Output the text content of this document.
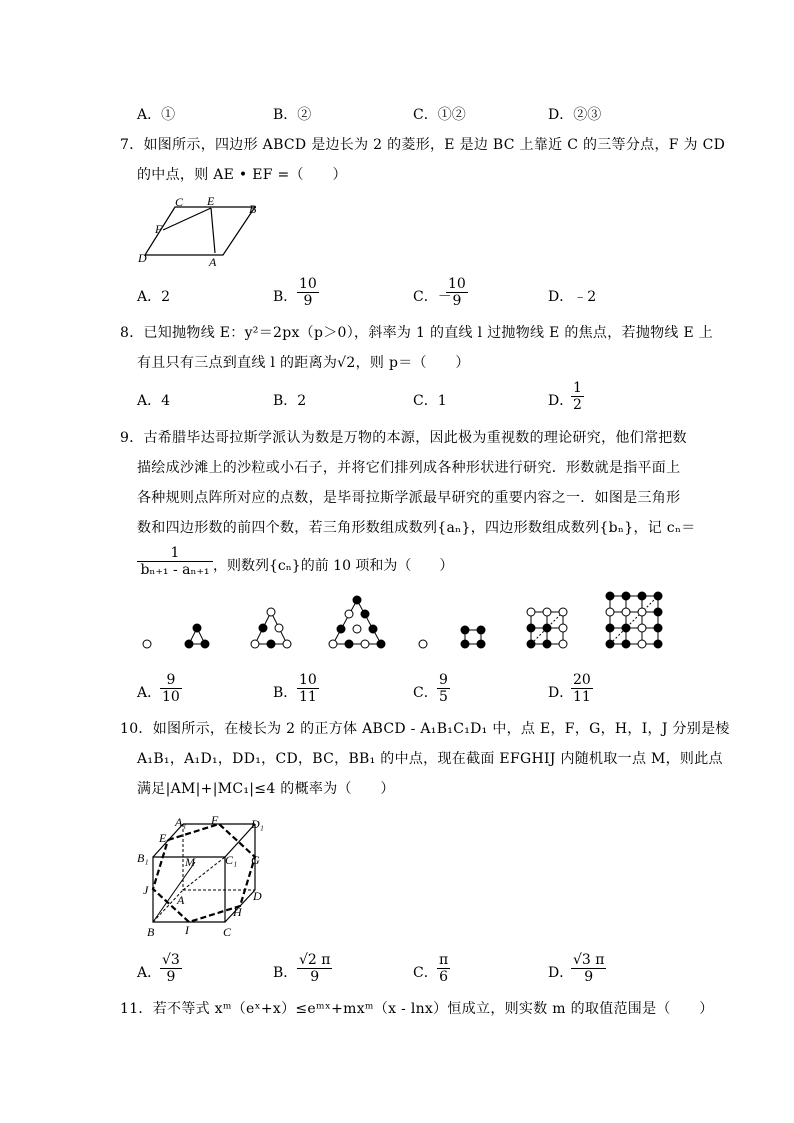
A．①	B．②	C．①②	D．②③
7．如图所示，四边形 ABCD 是边长为 2 的菱形，E 是边 BC 上靠近 C 的三等分点，F 为 CD
的中点，则 AE • EF =（　　）
C E
B
F
D	A
A．2	B． $\frac{10}{9}$	C．－
$\frac{10}{9}$	D．﹣2
8．已知抛物线 E：y²＝2px（p＞0），斜率为 1 的直线 l 过抛物线 E 的焦点，若抛物线 E 上
有且只有三点到直线 l 的距离为√2，则 p＝（　　）
A．4	B．2	C．1	D．
$\frac{1}{2}$
9．古希腊毕达哥拉斯学派认为数是万物的本源，因此极为重视数的理论研究，他们常把数
描绘成沙滩上的沙粒或小石子，并将它们排列成各种形状进行研究．形数就是指平面上
各种规则点阵所对应的点数，是毕哥拉斯学派最早研究的重要内容之一．如图是三角形
数和四边形数的前四个数，若三角形数组成数列{aₙ}，四边形数组成数列{bₙ}，记 cₙ＝
$\frac{1}{\text{bₙ₊₁ - aₙ₊₁}}$ ，则数列{cₙ}的前 10 项和为（　　）
A．
$\frac{9}{10}$	B． $\frac{10}{11}$	C． $\frac{9}{5}$	D．
$\frac{20}{11}$
10．如图所示，在棱长为 2 的正方体 ABCD - A₁B₁C₁D₁ 中，点 E，F，G，H，I，J 分别是棱
A₁B₁，A₁D₁，DD₁，CD，BC，BB₁ 的中点，现在截面 EFGHIJ 内随机取一点 M，则此点
满足|AM|+|MC₁|≤4 的概率为（　　）
A₁ F	D₁
E
B₁	M	C₁ G
J
A	D
H
B	I	C
A．
$\frac{√3}{9}$	B． $\frac{√2 \pi}{9}$	C． $\frac{\pi}{6}$	D．
$\frac{√3 \pi}{9}$
11．若不等式 xᵐ（eˣ+x）≤eᵐˣ+mxᵐ（x - lnx）恒成立，则实数 m 的取值范围是（　　）
